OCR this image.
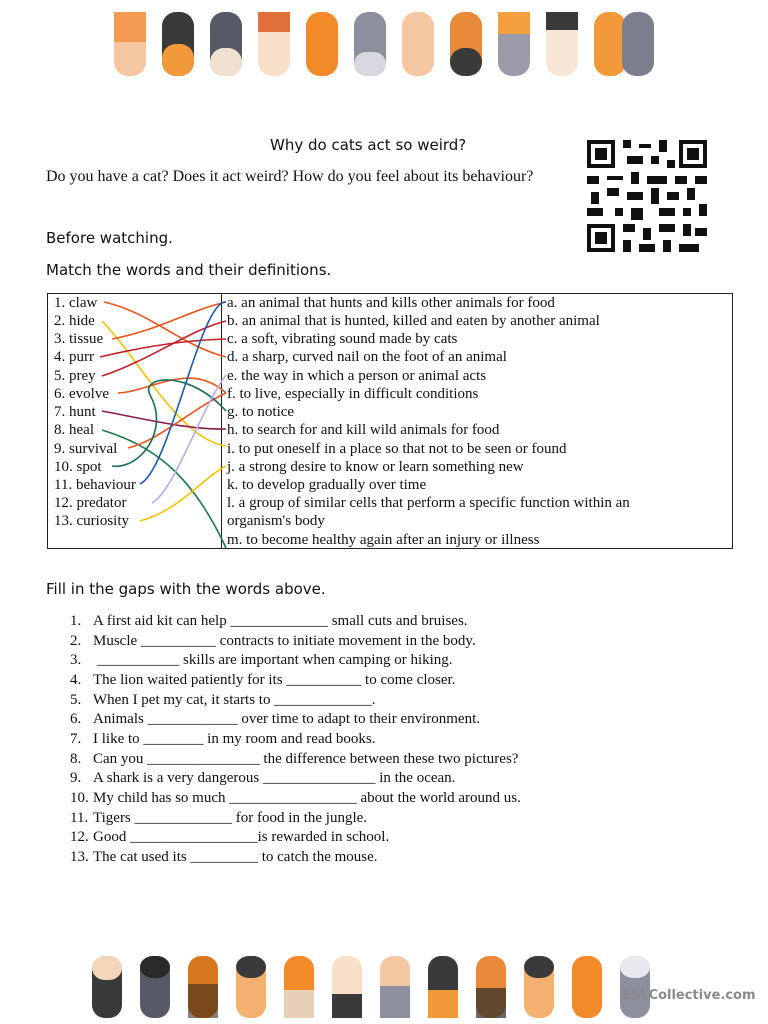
Why do cats act so weird?
Do you have a cat? Does it act weird? How do you feel about its behaviour?
Before watching.
Match the words and their definitions.
1. claw
2. hide
3. tissue
4. purr
5. prey
6. evolve
7. hunt
8. heal
9. survival
10. spot
11. behaviour
12. predator
13. curiosity
a. an animal that hunts and kills other animals for food
b. an animal that is hunted, killed and eaten by another animal
c. a soft, vibrating sound made by cats
d. a sharp, curved nail on the foot of an animal
e. the way in which a person or animal acts
f. to live, especially in difficult conditions
g. to notice
h. to search for and kill wild animals for food
i. to put oneself in a place so that not to be seen or found
j. a strong desire to know or learn something new
k. to develop gradually over time
l. a group of similar cells that perform a specific function within an
organism's body
m. to become healthy again after an injury or illness
Fill in the gaps with the words above.
1. A first aid kit can help _____________ small cuts and bruises.
2. Muscle __________ contracts to initiate movement in the body.
3. ___________ skills are important when camping or hiking.
4. The lion waited patiently for its __________ to come closer.
5. When I pet my cat, it starts to _____________.
6. Animals ____________ over time to adapt to their environment.
7. I like to ________ in my room and read books.
8. Can you _______________ the difference between these two pictures?
9. A shark is a very dangerous _______________ in the ocean.
10. My child has so much _________________ about the world around us.
11. Tigers _____________ for food in the jungle.
12. Good _________________is rewarded in school.
13. The cat used its _________ to catch the mouse.
ESLCollective.com
